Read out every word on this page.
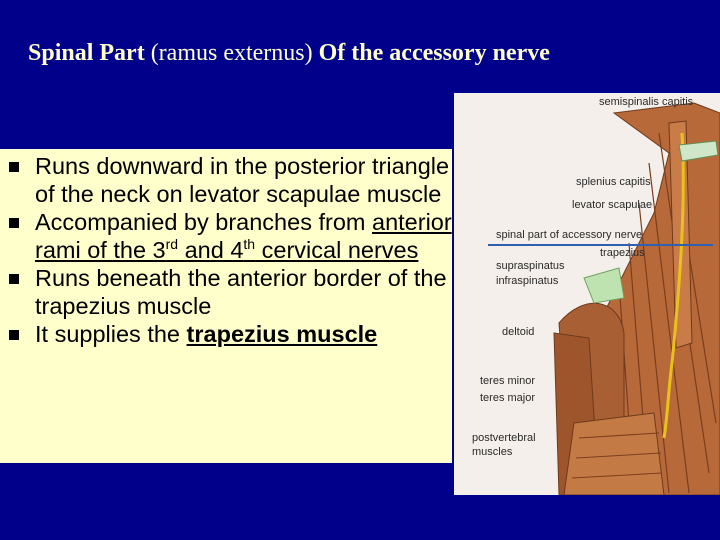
Spinal Part (ramus externus) Of the accessory nerve
Runs downward in the posterior triangle of the neck on levator scapulae muscle
Accompanied by branches from anterior rami of the 3rd and 4th cervical nerves
Runs beneath the anterior border of the trapezius muscle
It supplies the trapezius muscle
semispinalis capitis
splenius capitis
levator scapulae
spinal part of accessory nerve
trapezius
supraspinatus
infraspinatus
deltoid
teres minor
teres major
postvertebral
muscles
